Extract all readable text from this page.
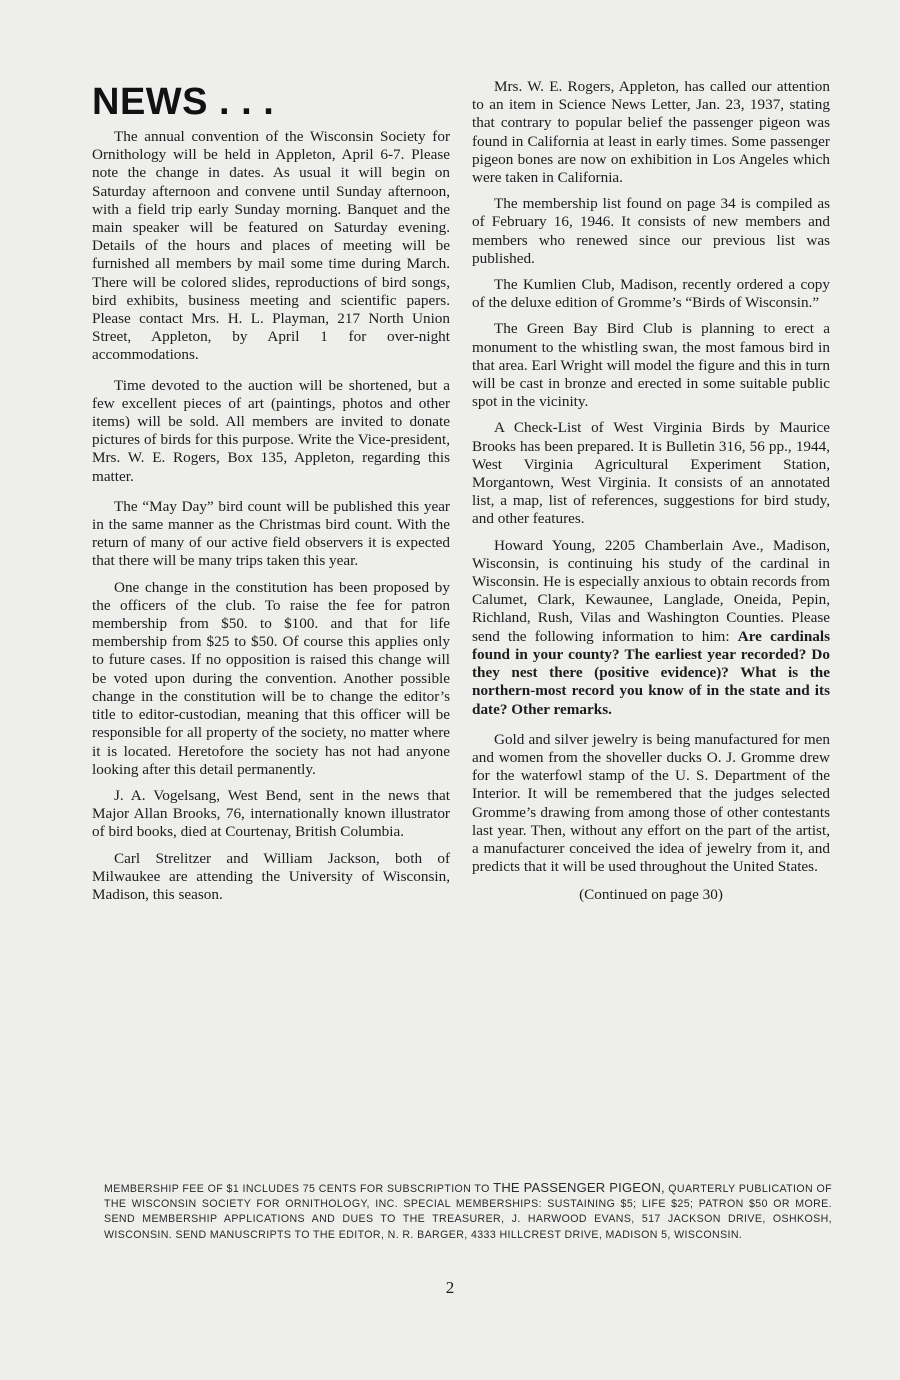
NEWS . . .

The annual convention of the Wisconsin Society for Ornithology will be held in Appleton, April 6-7. Please note the change in dates. As usual it will begin on Saturday afternoon and convene until Sunday afternoon, with a field trip early Sunday morning. Banquet and the main speaker will be featured on Saturday evening. Details of the hours and places of meeting will be furnished all members by mail some time during March. There will be colored slides, reproductions of bird songs, bird exhibits, business meeting and scientific papers. Please contact Mrs. H. L. Playman, 217 North Union Street, Appleton, by April 1 for over-night accommodations.

Time devoted to the auction will be shortened, but a few excellent pieces of art (paintings, photos and other items) will be sold. All members are invited to donate pictures of birds for this purpose. Write the Vice-president, Mrs. W. E. Rogers, Box 135, Appleton, regarding this matter.

The “May Day” bird count will be published this year in the same manner as the Christmas bird count. With the return of many of our active field observers it is expected that there will be many trips taken this year.

One change in the constitution has been proposed by the officers of the club. To raise the fee for patron membership from $50. to $100. and that for life membership from $25 to $50. Of course this applies only to future cases. If no opposition is raised this change will be voted upon during the convention. Another possible change in the constitution will be to change the editor’s title to editor-custodian, meaning that this officer will be responsible for all property of the society, no matter where it is located. Heretofore the society has not had anyone looking after this detail permanently.

J. A. Vogelsang, West Bend, sent in the news that Major Allan Brooks, 76, internationally known illustrator of bird books, died at Courtenay, British Columbia.

Carl Strelitzer and William Jackson, both of Milwaukee are attending the University of Wisconsin, Madison, this season.

Mrs. W. E. Rogers, Appleton, has called our attention to an item in Science News Letter, Jan. 23, 1937, stating that contrary to popular belief the passenger pigeon was found in California at least in early times. Some passenger pigeon bones are now on exhibition in Los Angeles which were taken in California.

The membership list found on page 34 is compiled as of February 16, 1946. It consists of new members and members who renewed since our previous list was published.

The Kumlien Club, Madison, recently ordered a copy of the deluxe edition of Gromme’s “Birds of Wisconsin.”

The Green Bay Bird Club is planning to erect a monument to the whistling swan, the most famous bird in that area. Earl Wright will model the figure and this in turn will be cast in bronze and erected in some suitable public spot in the vicinity.

A Check-List of West Virginia Birds by Maurice Brooks has been prepared. It is Bulletin 316, 56 pp., 1944, West Virginia Agricultural Experiment Station, Morgantown, West Virginia. It consists of an annotated list, a map, list of references, suggestions for bird study, and other features.

Howard Young, 2205 Chamberlain Ave., Madison, Wisconsin, is continuing his study of the cardinal in Wisconsin. He is especially anxious to obtain records from Calumet, Clark, Kewaunee, Langlade, Oneida, Pepin, Richland, Rush, Vilas and Washington Counties. Please send the following information to him: Are cardinals found in your county? The earliest year recorded? Do they nest there (positive evidence)? What is the northern-most record you know of in the state and its date? Other remarks.

Gold and silver jewelry is being manufactured for men and women from the shoveller ducks O. J. Gromme drew for the waterfowl stamp of the U. S. Department of the Interior. It will be remembered that the judges selected Gromme’s drawing from among those of other contestants last year. Then, without any effort on the part of the artist, a manufacturer conceived the idea of jewelry from it, and predicts that it will be used throughout the United States.

(Continued on page 30)

MEMBERSHIP FEE OF $1 INCLUDES 75 CENTS FOR SUBSCRIPTION TO THE PASSENGER PIGEON, QUARTERLY PUBLICATION OF THE WISCONSIN SOCIETY FOR ORNITHOLOGY, INC. SPECIAL MEMBERSHIPS: SUSTAINING $5; LIFE $25; PATRON $50 OR MORE. SEND MEMBERSHIP APPLICATIONS AND DUES TO THE TREASURER, J. HARWOOD EVANS, 517 JACKSON DRIVE, OSHKOSH, WISCONSIN. SEND MANUSCRIPTS TO THE EDITOR, N. R. BARGER, 4333 HILLCREST DRIVE, MADISON 5, WISCONSIN.
2
